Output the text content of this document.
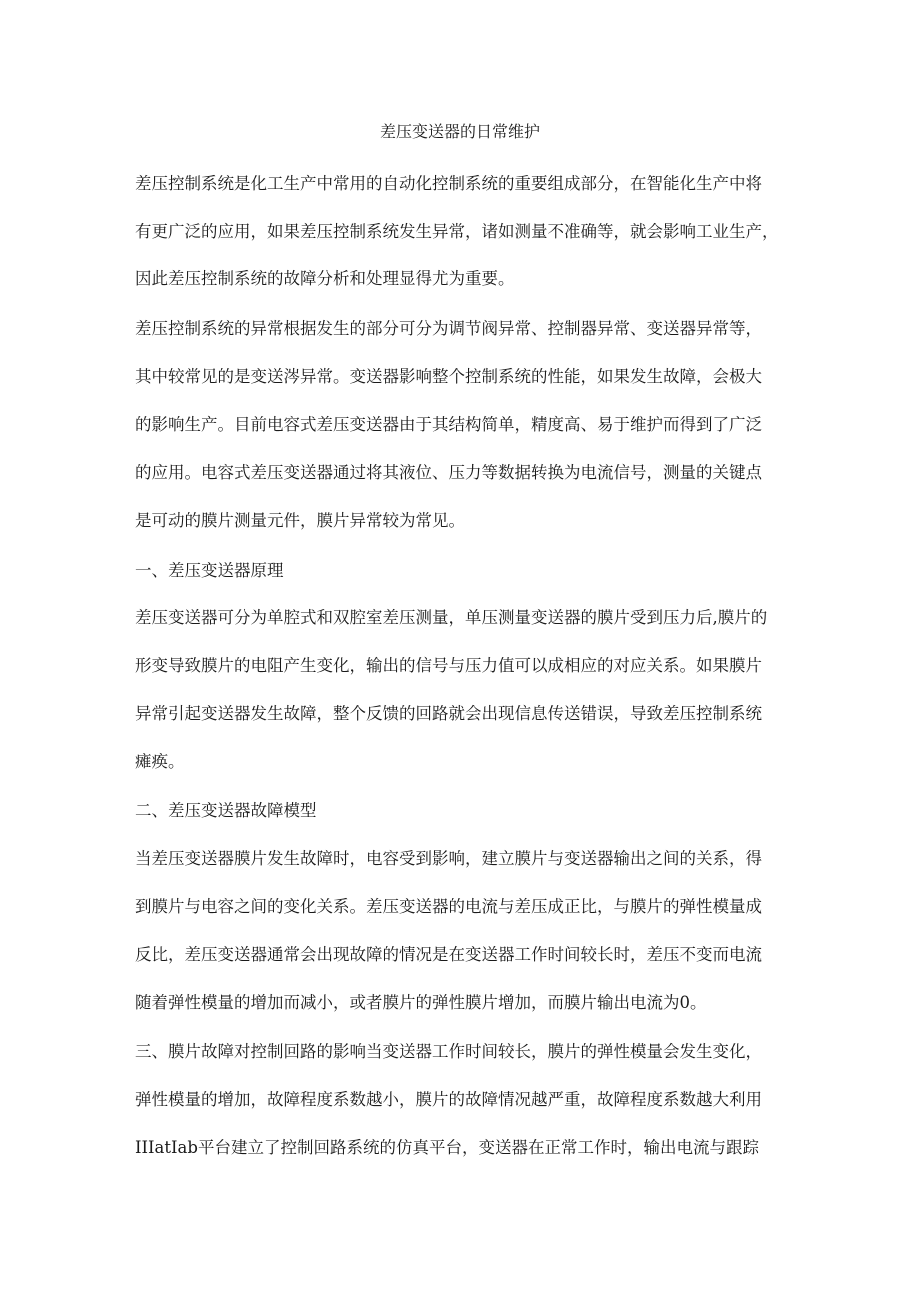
差压变送器的日常维护
差压控制系统是化工生产中常用的自动化控制系统的重要组成部分，在智能化生产中将
有更广泛的应用，如果差压控制系统发生异常，诸如测量不准确等，就会影响工业生产，
因此差压控制系统的故障分析和处理显得尤为重要。
差压控制系统的异常根据发生的部分可分为调节阀异常、控制器异常、变送器异常等，
其中较常见的是变送涔异常。变送器影响整个控制系统的性能，如果发生故障，会极大
的影响生产。目前电容式差压变送器由于其结构简单，精度高、易于维护而得到了广泛
的应用。电容式差压变送器通过将其液位、压力等数据转换为电流信号，测量的关键点
是可动的膜片测量元件，膜片异常较为常见。
一、差压变送器原理
差压变送器可分为单腔式和双腔室差压测量，单压测量变送器的膜片受到压力后,膜片的
形变导致膜片的电阻产生变化，输出的信号与压力值可以成相应的对应关系。如果膜片
异常引起变送器发生故障，整个反馈的回路就会出现信息传送错误，导致差压控制系统
瘫痪。
二、差压变送器故障模型
当差压变送器膜片发生故障时，电容受到影响，建立膜片与变送器输出之间的关系，得
到膜片与电容之间的变化关系。差压变送器的电流与差压成正比，与膜片的弹性模量成
反比，差压变送器通常会出现故障的情况是在变送器工作时间较长时，差压不变而电流
随着弹性模量的增加而减小，或者膜片的弹性膜片增加，而膜片输出电流为0。
三、膜片故障对控制回路的影响当变送器工作时间较长，膜片的弹性模量会发生变化，
弹性模量的增加，故障程度系数越小，膜片的故障情况越严重，故障程度系数越大利用
IIIatIab平台建立了控制回路系统的仿真平台，变送器在正常工作时，输出电流与跟踪
